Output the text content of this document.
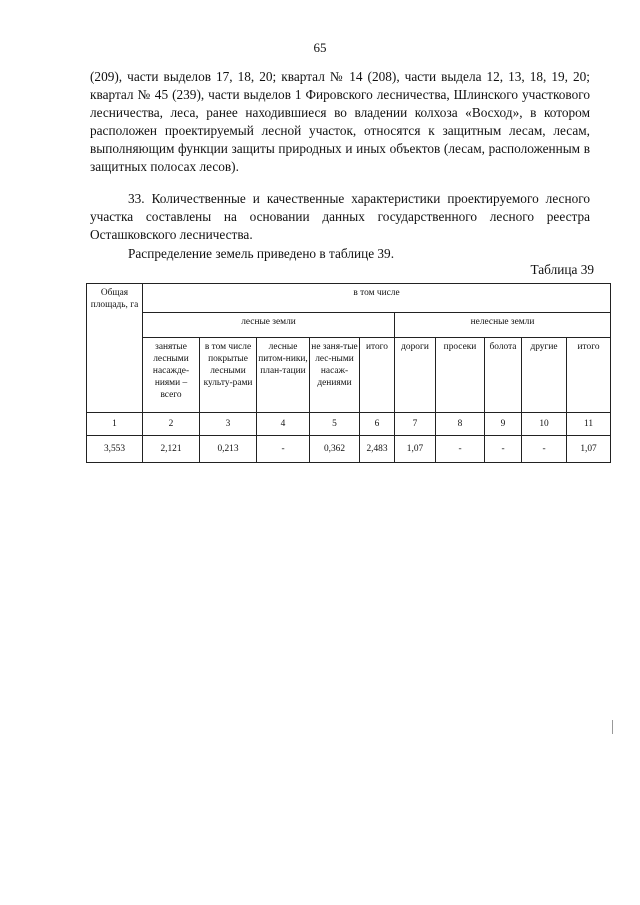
65

(209), части выделов 17, 18, 20; квартал № 14 (208), части выдела 12, 13, 18, 19, 20; квартал № 45 (239), части выделов 1 Фировского лесничества, Шлинского участкового лесничества, леса, ранее находившиеся во владении колхоза «Восход», в котором расположен проектируемый лесной участок, относятся к защитным лесам, лесам, выполняющим функции защиты природных и иных объектов (лесам, расположенным в защитных полосах лесов).

33. Количественные и качественные характеристики проектируемого лесного участка составлены на основании данных государственного лесного реестра Осташковского лесничества.

Распределение земель приведено в таблице 39.

Таблица 39
Общая площадь, га	в том числе									
	лесные земли					нелесные земли				
	занятые лесными насажде-ниями – всего	в том числе покрытые лесными культу-рами	лесные питом-ники, план-тации	не заня-тые лес-ными насаж-дениями	итого	дороги	просеки	болота	другие	итого
1	2	3	4	5	6	7	8	9	10	11
3,553	2,121	0,213	-	0,362	2,483	1,07	-	-	-	1,07
